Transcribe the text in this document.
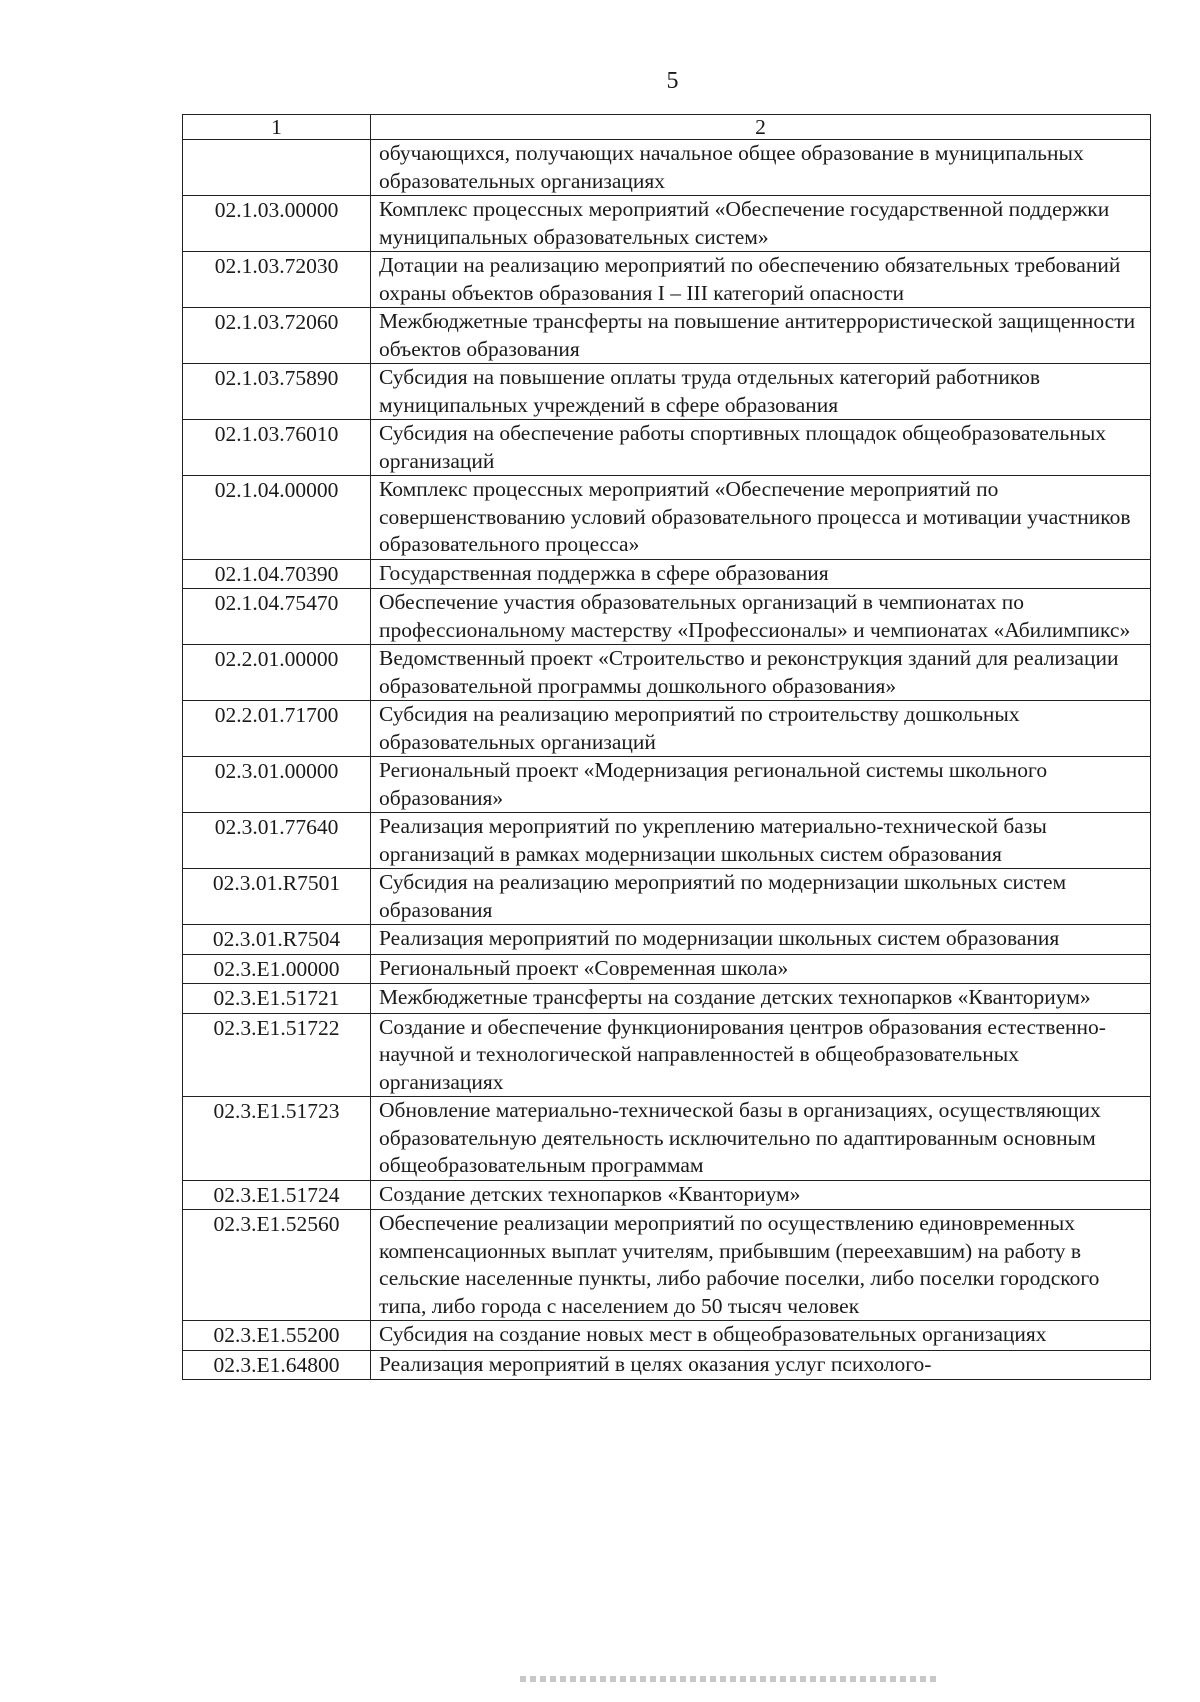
5
1	2
	обучающихся, получающих начальное общее образование в муниципальных образовательных организациях
02.1.03.00000	Комплекс процессных мероприятий «Обеспечение государственной поддержки муниципальных образовательных систем»
02.1.03.72030	Дотации на реализацию мероприятий по обеспечению обязательных требований охраны объектов образования I – III категорий опасности
02.1.03.72060	Межбюджетные трансферты на повышение антитеррористической защищенности объектов образования
02.1.03.75890	Субсидия на повышение оплаты труда отдельных категорий работников муниципальных учреждений в сфере образования
02.1.03.76010	Субсидия на обеспечение работы спортивных площадок общеобразовательных организаций
02.1.04.00000	Комплекс процессных мероприятий «Обеспечение мероприятий по совершенствованию условий образовательного процесса и мотивации участников образовательного процесса»
02.1.04.70390	Государственная поддержка в сфере образования
02.1.04.75470	Обеспечение участия образовательных организаций в чемпионатах по профессиональному мастерству «Профессионалы» и чемпионатах «Абилимпикс»
02.2.01.00000	Ведомственный проект «Строительство и реконструкция зданий для реализации образовательной программы дошкольного образования»
02.2.01.71700	Субсидия на реализацию мероприятий по строительству дошкольных образовательных организаций
02.3.01.00000	Региональный проект «Модернизация региональной системы школьного образования»
02.3.01.77640	Реализация мероприятий по укреплению материально-технической базы организаций в рамках модернизации школьных систем образования
02.3.01.R7501	Субсидия на реализацию мероприятий по модернизации школьных систем образования
02.3.01.R7504	Реализация мероприятий по модернизации школьных систем образования
02.3.E1.00000	Региональный проект «Современная школа»
02.3.E1.51721	Межбюджетные трансферты на создание детских технопарков «Кванториум»
02.3.E1.51722	Создание и обеспечение функционирования центров образования естественно-научной и технологической направленностей в общеобразовательных организациях
02.3.E1.51723	Обновление материально-технической базы в организациях, осуществляющих образовательную деятельность исключительно по адаптированным основным общеобразовательным программам
02.3.E1.51724	Создание детских технопарков «Кванториум»
02.3.E1.52560	Обеспечение реализации мероприятий по осуществлению единовременных компенсационных выплат учителям, прибывшим (переехавшим) на работу в сельские населенные пункты, либо рабочие поселки, либо поселки городского типа, либо города с населением до 50 тысяч человек
02.3.E1.55200	Субсидия на создание новых мест в общеобразовательных организациях
02.3.E1.64800	Реализация мероприятий в целях оказания услуг психолого-
